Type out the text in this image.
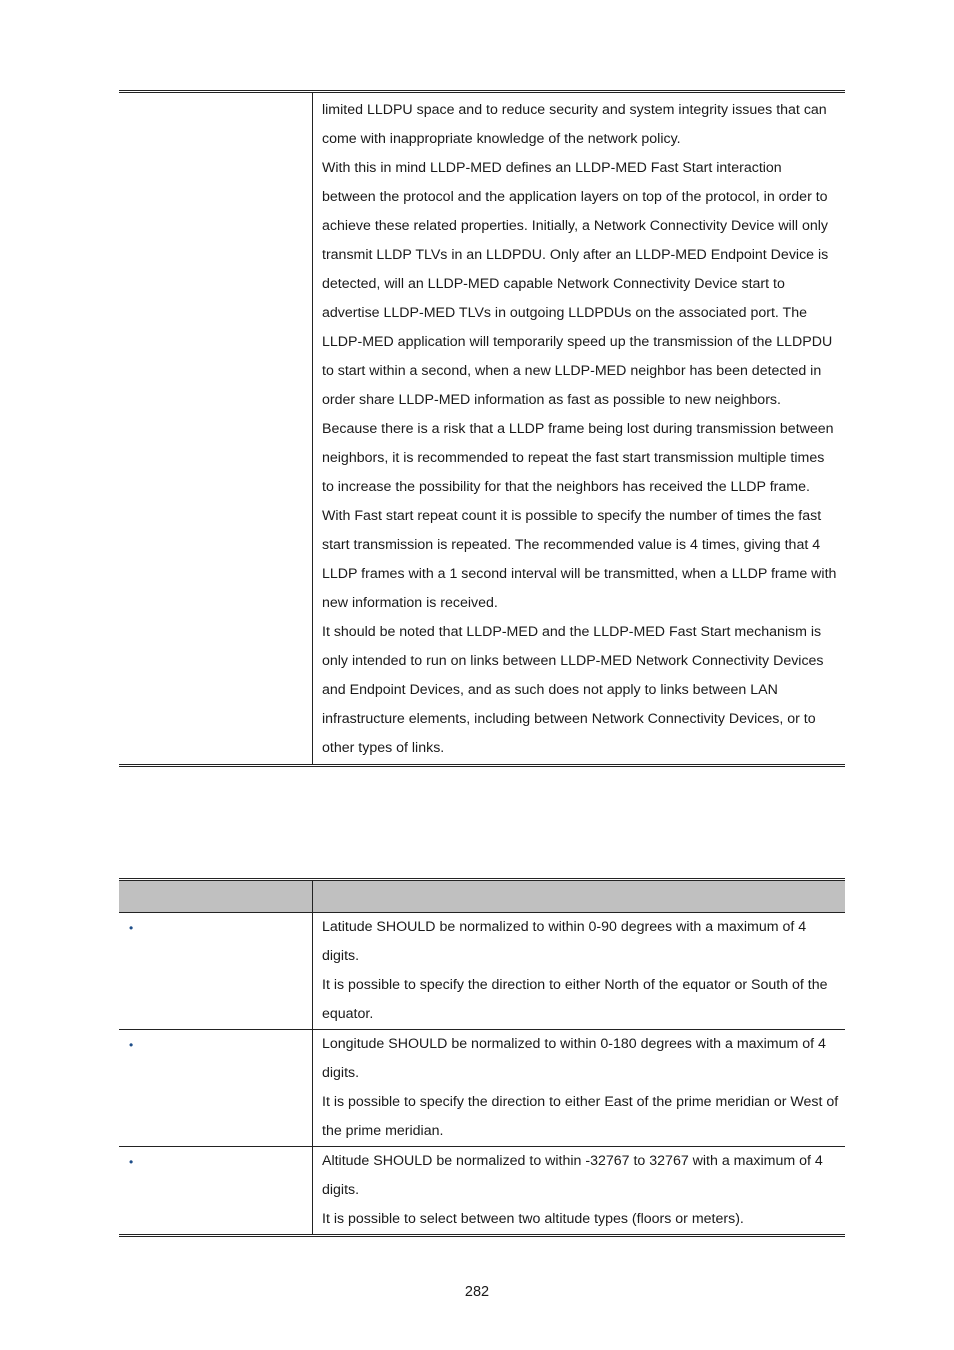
limited LLDPU space and to reduce security and system integrity issues that can come with inappropriate knowledge of the network policy.

With this in mind LLDP-MED defines an LLDP-MED Fast Start interaction between the protocol and the application layers on top of the protocol, in order to achieve these related properties. Initially, a Network Connectivity Device will only transmit LLDP TLVs in an LLDPDU. Only after an LLDP-MED Endpoint Device is detected, will an LLDP-MED capable Network Connectivity Device start to advertise LLDP-MED TLVs in outgoing LLDPDUs on the associated port. The LLDP-MED application will temporarily speed up the transmission of the LLDPDU to start within a second, when a new LLDP-MED neighbor has been detected in order share LLDP-MED information as fast as possible to new neighbors.

Because there is a risk that a LLDP frame being lost during transmission between neighbors, it is recommended to repeat the fast start transmission multiple times to increase the possibility for that the neighbors has received the LLDP frame. With Fast start repeat count it is possible to specify the number of times the fast start transmission is repeated. The recommended value is 4 times, giving that 4 LLDP frames with a 1 second interval will be transmitted, when a LLDP frame with new information is received.

It should be noted that LLDP-MED and the LLDP-MED Fast Start mechanism is only intended to run on links between LLDP-MED Network Connectivity Devices and Endpoint Devices, and as such does not apply to links between LAN infrastructure elements, including between Network Connectivity Devices, or to other types of links.

•	Latitude SHOULD be normalized to within 0-90 degrees with a maximum of 4 digits.

It is possible to specify the direction to either North of the equator or South of the equator.

•	Longitude SHOULD be normalized to within 0-180 degrees with a maximum of 4 digits.

It is possible to specify the direction to either East of the prime meridian or West of the prime meridian.

•	Altitude SHOULD be normalized to within -32767 to 32767 with a maximum of 4 digits.

It is possible to select between two altitude types (floors or meters).

282
